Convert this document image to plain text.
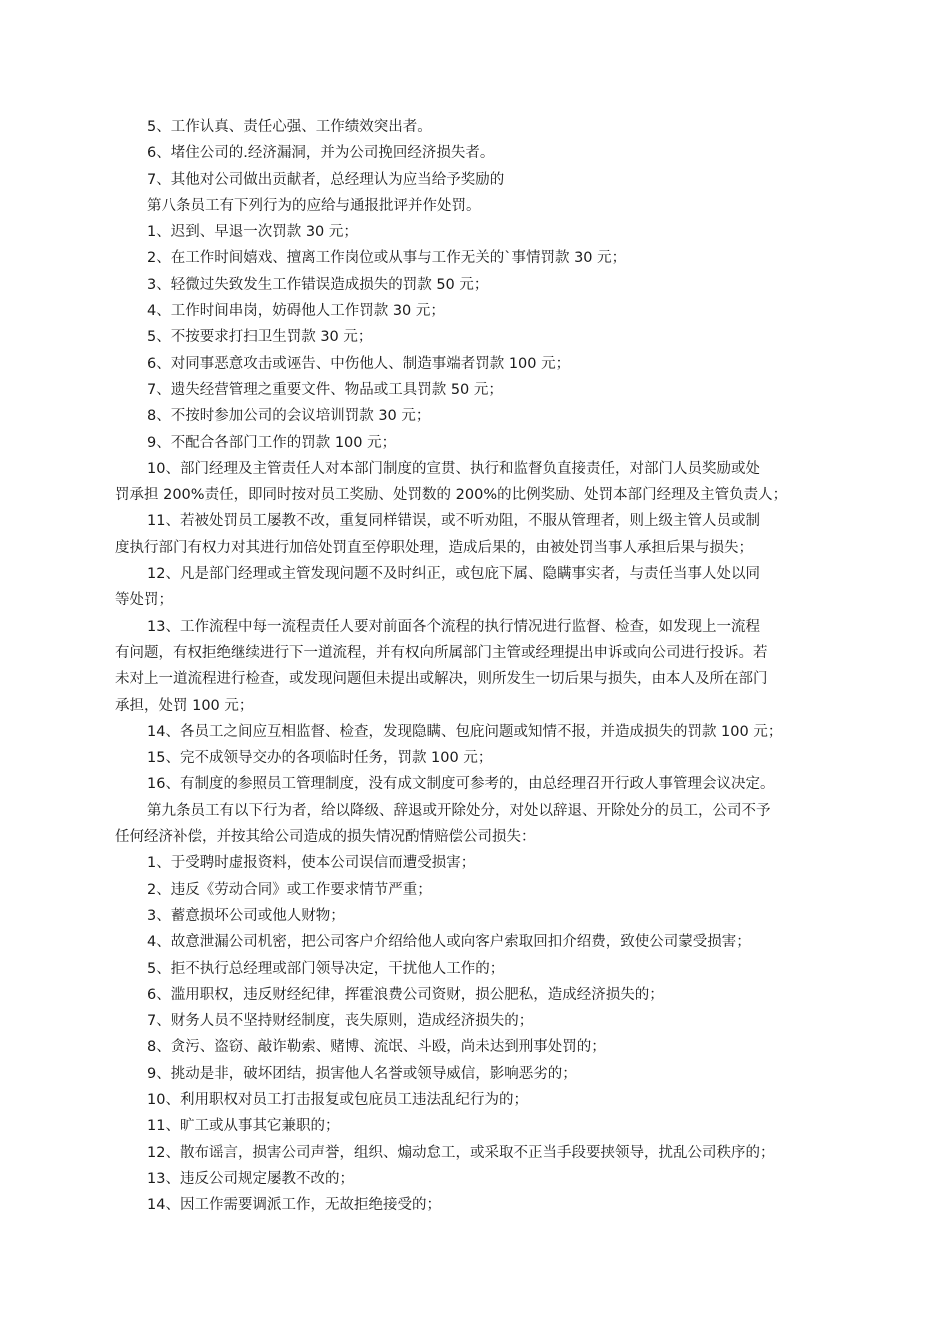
5、工作认真、责任心强、工作绩效突出者。
6、堵住公司的.经济漏洞，并为公司挽回经济损失者。
7、其他对公司做出贡献者，总经理认为应当给予奖励的
第八条员工有下列行为的应给与通报批评并作处罚。
1、迟到、早退一次罚款 30 元；
2、在工作时间嬉戏、擅离工作岗位或从事与工作无关的`事情罚款 30 元；
3、轻微过失致发生工作错误造成损失的罚款 50 元；
4、工作时间串岗，妨碍他人工作罚款 30 元；
5、不按要求打扫卫生罚款 30 元；
6、对同事恶意攻击或诬告、中伤他人、制造事端者罚款 100 元；
7、遗失经营管理之重要文件、物品或工具罚款 50 元；
8、不按时参加公司的会议培训罚款 30 元；
9、不配合各部门工作的罚款 100 元；
10、部门经理及主管责任人对本部门制度的宣贯、执行和监督负直接责任，对部门人员奖励或处
罚承担 200%责任，即同时按对员工奖励、处罚数的 200%的比例奖励、处罚本部门经理及主管负责人；
11、若被处罚员工屡教不改，重复同样错误，或不听劝阻，不服从管理者，则上级主管人员或制
度执行部门有权力对其进行加倍处罚直至停职处理，造成后果的，由被处罚当事人承担后果与损失；
12、凡是部门经理或主管发现问题不及时纠正，或包庇下属、隐瞒事实者，与责任当事人处以同
等处罚；
13、工作流程中每一流程责任人要对前面各个流程的执行情况进行监督、检查，如发现上一流程
有问题，有权拒绝继续进行下一道流程，并有权向所属部门主管或经理提出申诉或向公司进行投诉。若
未对上一道流程进行检查，或发现问题但未提出或解决，则所发生一切后果与损失，由本人及所在部门
承担，处罚 100 元；
14、各员工之间应互相监督、检查，发现隐瞒、包庇问题或知情不报，并造成损失的罚款 100 元；
15、完不成领导交办的各项临时任务，罚款 100 元；
16、有制度的参照员工管理制度，没有成文制度可参考的，由总经理召开行政人事管理会议决定。
第九条员工有以下行为者，给以降级、辞退或开除处分，对处以辞退、开除处分的员工，公司不予
任何经济补偿，并按其给公司造成的损失情况酌情赔偿公司损失：
1、于受聘时虚报资料，使本公司误信而遭受损害；
2、违反《劳动合同》或工作要求情节严重；
3、蓄意损坏公司或他人财物；
4、故意泄漏公司机密，把公司客户介绍给他人或向客户索取回扣介绍费，致使公司蒙受损害；
5、拒不执行总经理或部门领导决定，干扰他人工作的；
6、滥用职权，违反财经纪律，挥霍浪费公司资财，损公肥私，造成经济损失的；
7、财务人员不坚持财经制度，丧失原则，造成经济损失的；
8、贪污、盗窃、敲诈勒索、赌博、流氓、斗殴，尚未达到刑事处罚的；
9、挑动是非，破坏团结，损害他人名誉或领导威信，影响恶劣的；
10、利用职权对员工打击报复或包庇员工违法乱纪行为的；
11、旷工或从事其它兼职的；
12、散布谣言，损害公司声誉，组织、煽动怠工，或采取不正当手段要挟领导，扰乱公司秩序的；
13、违反公司规定屡教不改的；
14、因工作需要调派工作，无故拒绝接受的；
